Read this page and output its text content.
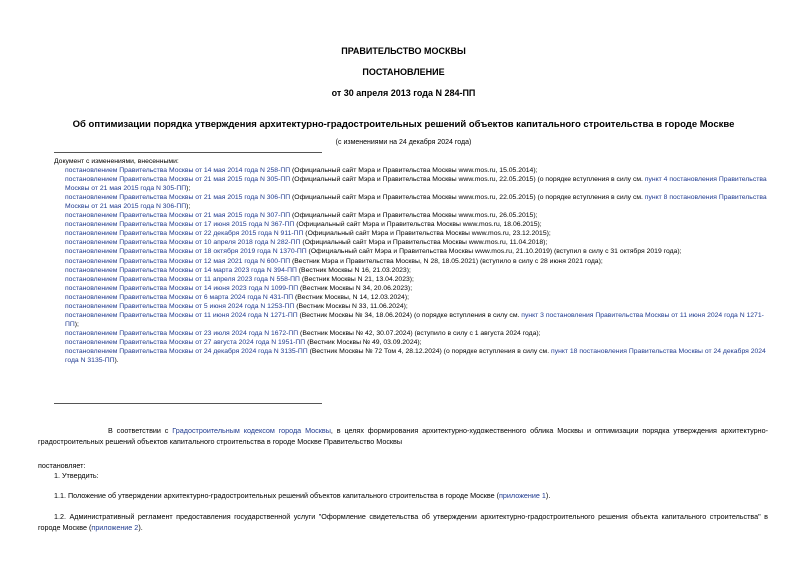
ПРАВИТЕЛЬСТВО МОСКВЫ
ПОСТАНОВЛЕНИЕ
от 30 апреля 2013 года N 284-ПП
Об оптимизации порядка утверждения архитектурно-градостроительных решений объектов капитального строительства в городе Москве
(с изменениями на 24 декабря 2024 года)
Документ с изменениями, внесенными:
постановлением Правительства Москвы от 14 мая 2014 года N 258-ПП (Официальный сайт Мэра и Правительства Москвы www.mos.ru, 15.05.2014);
постановлением Правительства Москвы от 21 мая 2015 года N 305-ПП (Официальный сайт Мэра и Правительства Москвы www.mos.ru, 22.05.2015) (о порядке вступления в силу см. пункт 4 постановления Правительства Москвы от 21 мая 2015 года N 305-ПП);
постановлением Правительства Москвы от 21 мая 2015 года N 306-ПП (Официальный сайт Мэра и Правительства Москвы www.mos.ru, 22.05.2015) (о порядке вступления в силу см. пункт 8 постановления Правительства Москвы от 21 мая 2015 года N 306-ПП);
постановлением Правительства Москвы от 21 мая 2015 года N 307-ПП (Официальный сайт Мэра и Правительства Москвы www.mos.ru, 26.05.2015);
постановлением Правительства Москвы от 17 июня 2015 года N 367-ПП (Официальный сайт Мэра и Правительства Москвы www.mos.ru, 18.06.2015);
постановлением Правительства Москвы от 22 декабря 2015 года N 911-ПП (Официальный сайт Мэра и Правительства Москвы www.mos.ru, 23.12.2015);
постановлением Правительства Москвы от 10 апреля 2018 года N 282-ПП (Официальный сайт Мэра и Правительства Москвы www.mos.ru, 11.04.2018);
постановлением Правительства Москвы от 18 октября 2019 года N 1370-ПП (Официальный сайт Мэра и Правительства Москвы www.mos.ru, 21.10.2019) (вступил в силу с 31 октября 2019 года);
постановлением Правительства Москвы от 12 мая 2021 года N 600-ПП (Вестник Мэра и Правительства Москвы, N 28, 18.05.2021) (вступило в силу с 28 июня 2021 года);
постановлением Правительства Москвы от 14 марта 2023 года N 394-ПП (Вестник Москвы N 16, 21.03.2023);
постановлением Правительства Москвы от 11 апреля 2023 года N 558-ПП (Вестник Москвы N 21, 13.04.2023);
постановлением Правительства Москвы от 14 июня 2023 года N 1099-ПП (Вестник Москвы N 34, 20.06.2023);
постановлением Правительства Москвы от 6 марта 2024 года N 431-ПП (Вестник Москвы, N 14, 12.03.2024);
постановлением Правительства Москвы от 5 июня 2024 года N 1253-ПП (Вестник Москвы N 33, 11.06.2024);
постановлением Правительства Москвы от 11 июня 2024 года N 1271-ПП (Вестник Москвы № 34, 18.06.2024) (о порядке вступления в силу см. пункт 3 постановления Правительства Москвы от 11 июня 2024 года N 1271-ПП);
постановлением Правительства Москвы от 23 июля 2024 года N 1672-ПП (Вестник Москвы № 42, 30.07.2024) (вступило в силу с 1 августа 2024 года);
постановлением Правительства Москвы от 27 августа 2024 года N 1951-ПП (Вестник Москвы № 49, 03.09.2024);
постановлением Правительства Москвы от 24 декабря 2024 года N 3135-ПП (Вестник Москвы № 72 Том 4, 28.12.2024) (о порядке вступления в силу см. пункт 18 постановления Правительства Москвы от 24 декабря 2024 года N 3135-ПП).
В соответствии с Градостроительным кодексом города Москвы, в целях формирования архитектурно-художественного облика Москвы и оптимизации порядка утверждения архитектурно-градостроительных решений объектов капитального строительства в городе Москве Правительство Москвы
постановляет:
1. Утвердить:
1.1. Положение об утверждении архитектурно-градостроительных решений объектов капитального строительства в городе Москве (приложение 1).
1.2. Административный регламент предоставления государственной услуги "Оформление свидетельства об утверждении архитектурно-градостроительного решения объекта капитального строительства" в городе Москве (приложение 2).
